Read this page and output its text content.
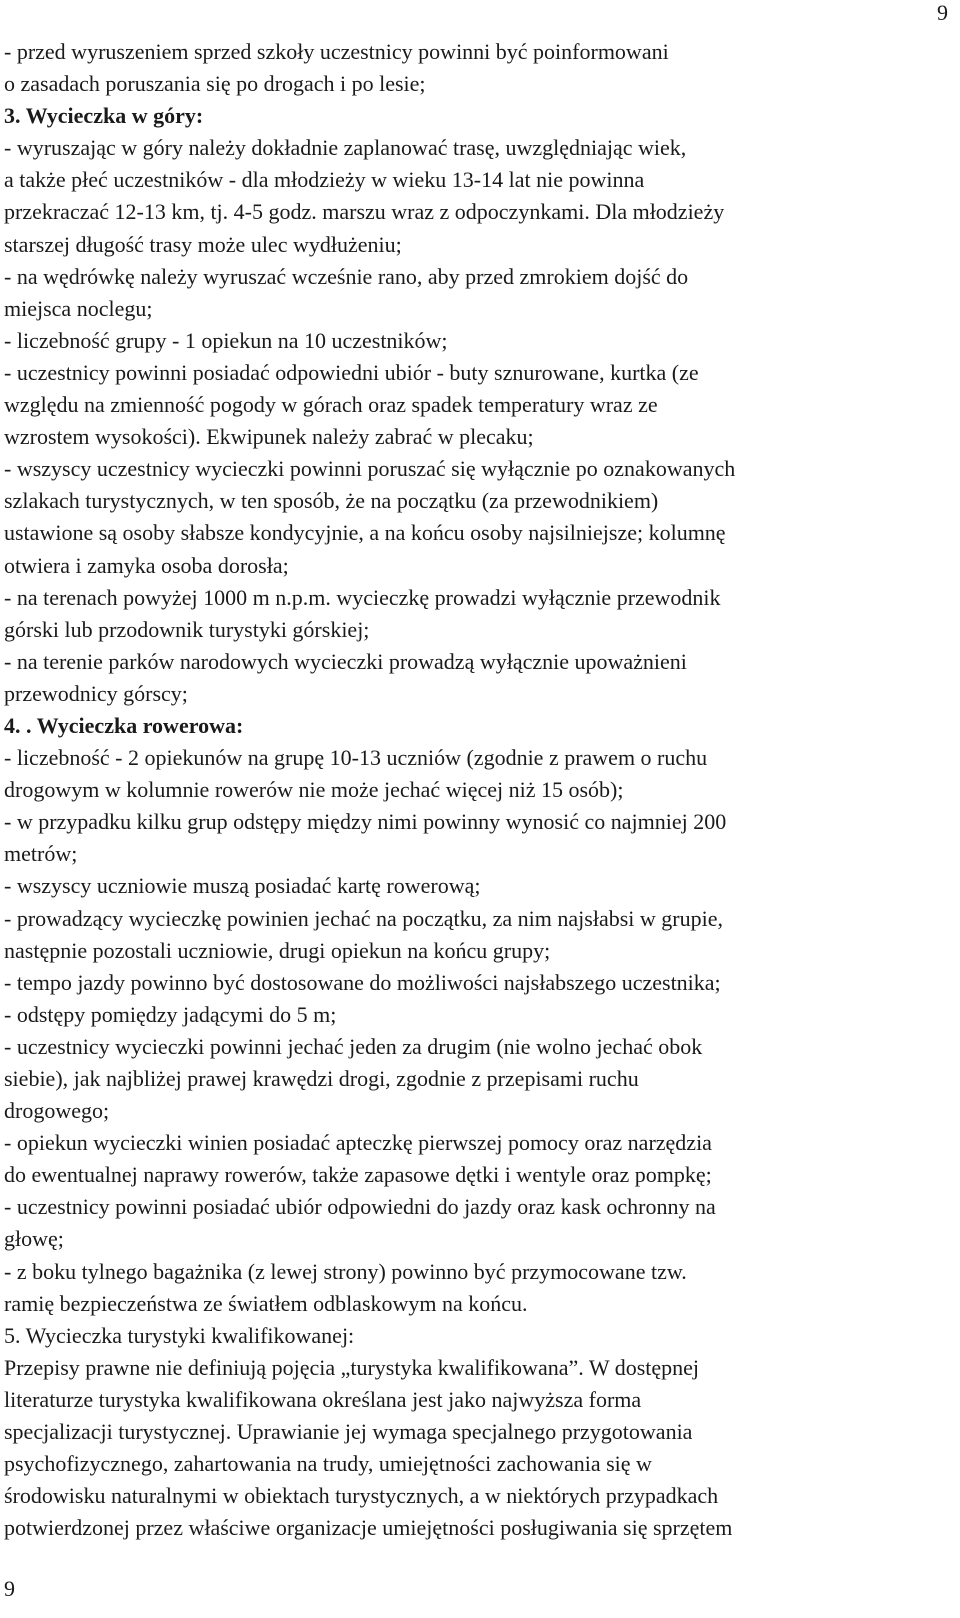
9
- przed wyruszeniem sprzed szkoły uczestnicy powinni być poinformowani
o zasadach poruszania się po drogach i po lesie;
3. Wycieczka w góry:
- wyruszając w góry należy dokładnie zaplanować trasę, uwzględniając wiek,
a także płeć uczestników - dla młodzieży w wieku 13-14 lat nie powinna
przekraczać 12-13 km, tj. 4-5 godz. marszu wraz z odpoczynkami. Dla młodzieży
starszej długość trasy może ulec wydłużeniu;
- na wędrówkę należy wyruszać wcześnie rano, aby przed zmrokiem dojść do
miejsca noclegu;
- liczebność grupy - 1 opiekun na 10 uczestników;
- uczestnicy powinni posiadać odpowiedni ubiór - buty sznurowane, kurtka (ze
względu na zmienność pogody w górach oraz spadek temperatury wraz ze
wzrostem wysokości). Ekwipunek należy zabrać w plecaku;
- wszyscy uczestnicy wycieczki powinni poruszać się wyłącznie po oznakowanych
szlakach turystycznych, w ten sposób, że na początku (za przewodnikiem)
ustawione są osoby słabsze kondycyjnie, a na końcu osoby najsilniejsze; kolumnę
otwiera i zamyka osoba dorosła;
- na terenach powyżej 1000 m n.p.m. wycieczkę prowadzi wyłącznie przewodnik
górski lub przodownik turystyki górskiej;
- na terenie parków narodowych wycieczki prowadzą wyłącznie upoważnieni
przewodnicy górscy;
4. . Wycieczka rowerowa:
- liczebność - 2 opiekunów na grupę 10-13 uczniów (zgodnie z prawem o ruchu
drogowym w kolumnie rowerów nie może jechać więcej niż 15 osób);
- w przypadku kilku grup odstępy między nimi powinny wynosić co najmniej 200
metrów;
- wszyscy uczniowie muszą posiadać kartę rowerową;
- prowadzący wycieczkę powinien jechać na początku, za nim najsłabsi w grupie,
następnie pozostali uczniowie, drugi opiekun na końcu grupy;
- tempo jazdy powinno być dostosowane do możliwości najsłabszego uczestnika;
- odstępy pomiędzy jadącymi do 5 m;
- uczestnicy wycieczki powinni jechać jeden za drugim (nie wolno jechać obok
siebie), jak najbliżej prawej krawędzi drogi, zgodnie z przepisami ruchu
drogowego;
- opiekun wycieczki winien posiadać apteczkę pierwszej pomocy oraz narzędzia
do ewentualnej naprawy rowerów, także zapasowe dętki i wentyle oraz pompkę;
- uczestnicy powinni posiadać ubiór odpowiedni do jazdy oraz kask ochronny na
głowę;
- z boku tylnego bagażnika (z lewej strony) powinno być przymocowane tzw.
ramię bezpieczeństwa ze światłem odblaskowym na końcu.
5. Wycieczka turystyki kwalifikowanej:
Przepisy prawne nie definiują pojęcia „turystyka kwalifikowana”. W dostępnej
literaturze turystyka kwalifikowana określana jest jako najwyższa forma
specjalizacji turystycznej. Uprawianie jej wymaga specjalnego przygotowania
psychofizycznego, zahartowania na trudy, umiejętności zachowania się w
środowisku naturalnymi w obiektach turystycznych, a w niektórych przypadkach
potwierdzonej przez właściwe organizacje umiejętności posługiwania się sprzętem
9
